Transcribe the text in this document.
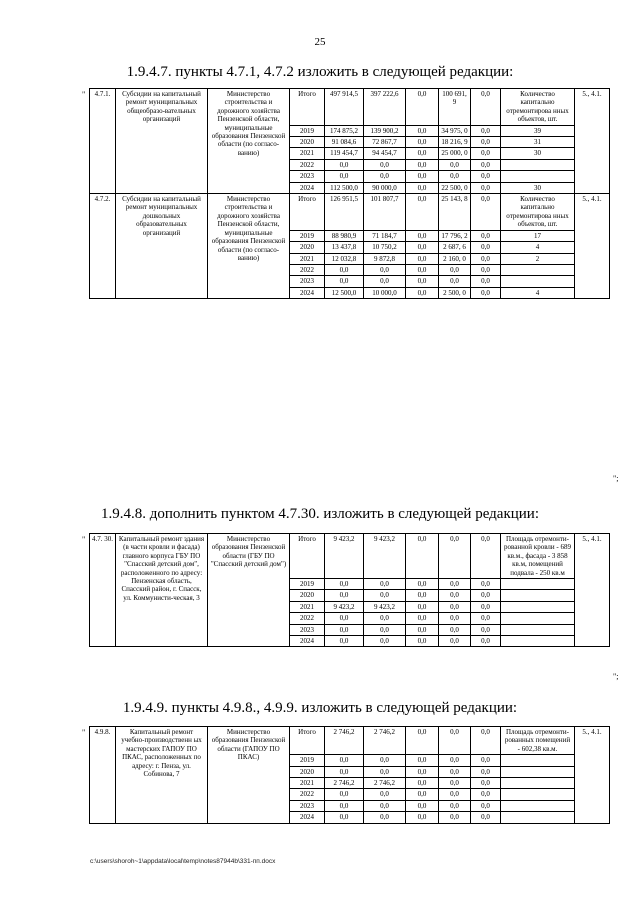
25
1.9.4.7. пункты 4.7.1, 4.7.2 изложить в следующей редакции:
" 4.7.1.	Субсидии на капитальный ремонт муниципальных общеобразо-вательных организаций	Министерство строительства и дорожного хозяйства Пензенской области, муниципальные образования Пензенской области (по согласо-ванию)	Итого	497 914,5	397 222,6	0,0	100 691, 9	0,0	Количество капитально отремонтирова нных объектов, шт.	5., 4.1.
			2019	174 875,2	139 900,2	0,0	34 975, 0	0,0	39	
			2020	91 084,6	72 867,7	0,0	18 216, 9	0,0	31	
			2021	119 454,7	94 454,7	0,0	25 000, 0	0,0	30	
			2022	0,0	0,0	0,0	0,0	0,0		
			2023	0,0	0,0	0,0	0,0	0,0		
			2024	112 500,0	90 000,0	0,0	22 500, 0	0,0	30	
4.7.2.	Субсидии на капитальный ремонт муниципальных дошкольных образовательных организаций	Министерство строительства и дорожного хозяйства Пензенской области, муниципальные образования Пензенской области (по согласо-ванию)	Итого	126 951,5	101 807,7	0,0	25 143, 8	0,0	Количество капитально отремонтирова нных объектов, шт.	5., 4.1.
			2019	88 980,9	71 184,7	0,0	17 796, 2	0,0	17	
			2020	13 437,8	10 750,2	0,0	2 687, 6	0,0	4	
			2021	12 032,8	9 872,8	0,0	2 160, 0	0,0	2	
			2022	0,0	0,0	0,0	0,0	0,0		
			2023	0,0	0,0	0,0	0,0	0,0		
			2024	12 500,0	10 000,0	0,0	2 500, 0	0,0	4	
";
1.9.4.8. дополнить пунктом 4.7.30. изложить в следующей редакции:
" 4.7. 30.	Капитальный ремонт здания (в части кровли и фасада) главного корпуса ГБУ ПО "Спасский детский дом", расположенного по адресу: Пензенская область, Спасский район, г. Спасск, ул. Коммунисти-ческая, 3	Министерство образования Пензенской области (ГБУ ПО "Спасский детский дом")	Итого	9 423,2	9 423,2	0,0	0,0	0,0	Площадь отремонти-рованной кровли - 689 кв.м., фасада - 3 858 кв.м, помещений подвала - 250 кв.м	5., 4.1.
			2019	0,0	0,0	0,0	0,0	0,0		
			2020	0,0	0,0	0,0	0,0	0,0		
			2021	9 423,2	9 423,2	0,0	0,0	0,0		
			2022	0,0	0,0	0,0	0,0	0,0		
			2023	0,0	0,0	0,0	0,0	0,0		
			2024	0,0	0,0	0,0	0,0	0,0		
";
1.9.4.9. пункты 4.9.8., 4.9.9. изложить в следующей редакции:
" 4.9.8.	Капитальный ремонт учебно-производственн ых мастерских ГАПОУ ПО ПКАС, расположенных по адресу: г. Пенза, ул. Собинова, 7	Министерство образования Пензенской области (ГАПОУ ПО ПКАС)	Итого	2 746,2	2 746,2	0,0	0,0	0,0	Площадь отремонти-рованных помещений - 602,38 кв.м.	5., 4.1.
			2019	0,0	0,0	0,0	0,0	0,0		
			2020	0,0	0,0	0,0	0,0	0,0		
			2021	2 746,2	2 746,2	0,0	0,0	0,0		
			2022	0,0	0,0	0,0	0,0	0,0		
			2023	0,0	0,0	0,0	0,0	0,0		
			2024	0,0	0,0	0,0	0,0	0,0		
c:\users\shoroh~1\appdata\local\temp\notes87944b\331-пп.docx
